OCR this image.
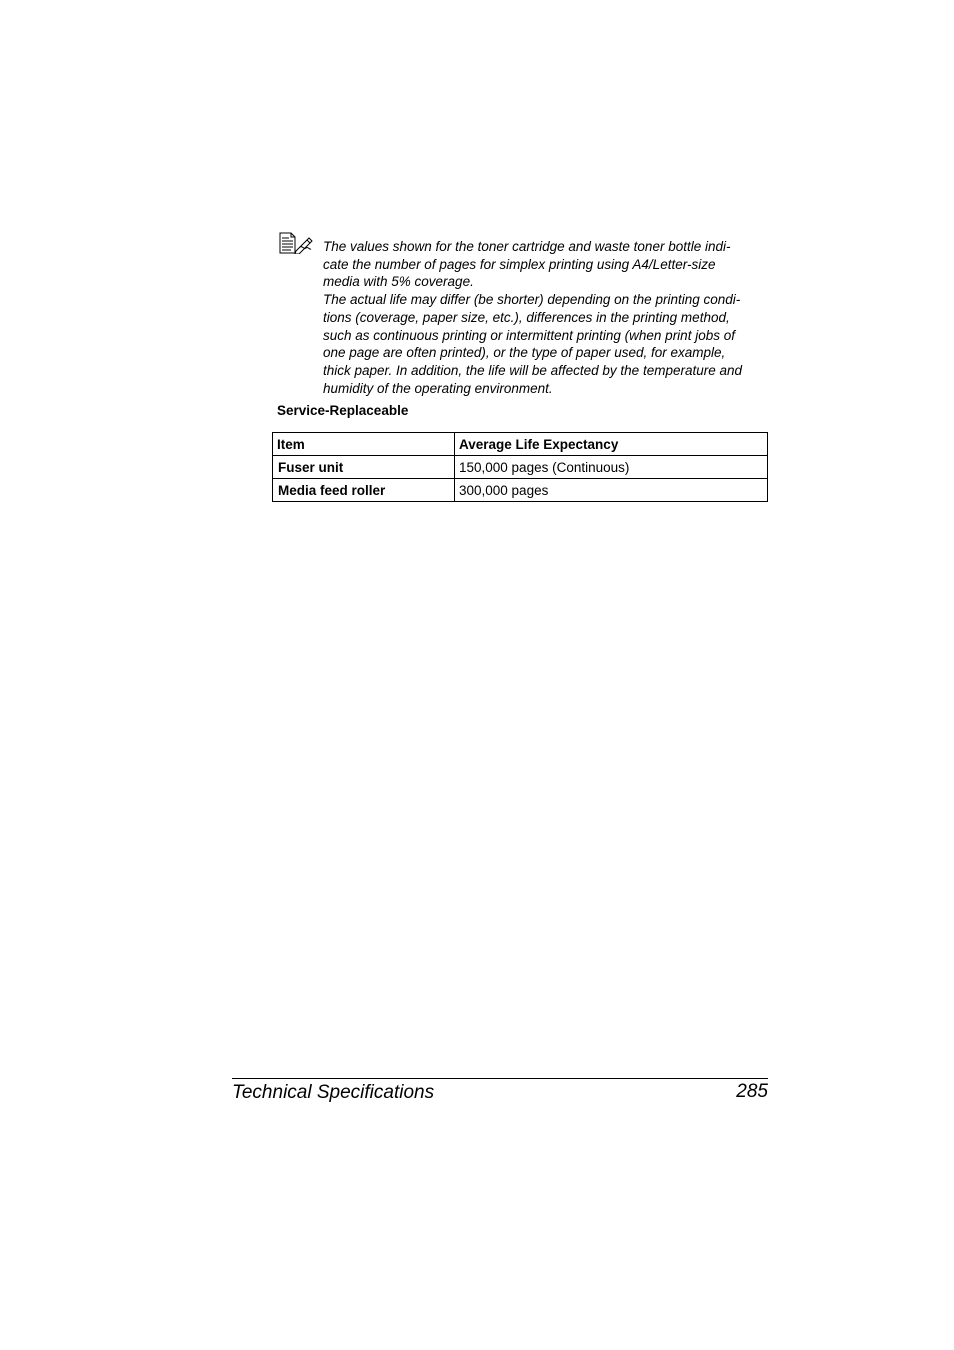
The values shown for the toner cartridge and waste toner bottle indi-
cate the number of pages for simplex printing using A4/Letter-size
media with 5% coverage.

The actual life may differ (be shorter) depending on the printing condi-
tions (coverage, paper size, etc.), differences in the printing method,
such as continuous printing or intermittent printing (when print jobs of
one page are often printed), or the type of paper used, for example,
thick paper. In addition, the life will be affected by the temperature and
humidity of the operating environment.

Service-Replaceable
Item	Average Life Expectancy
Fuser unit	150,000 pages (Continuous)
Media feed roller	300,000 pages
Technical Specifications	285
